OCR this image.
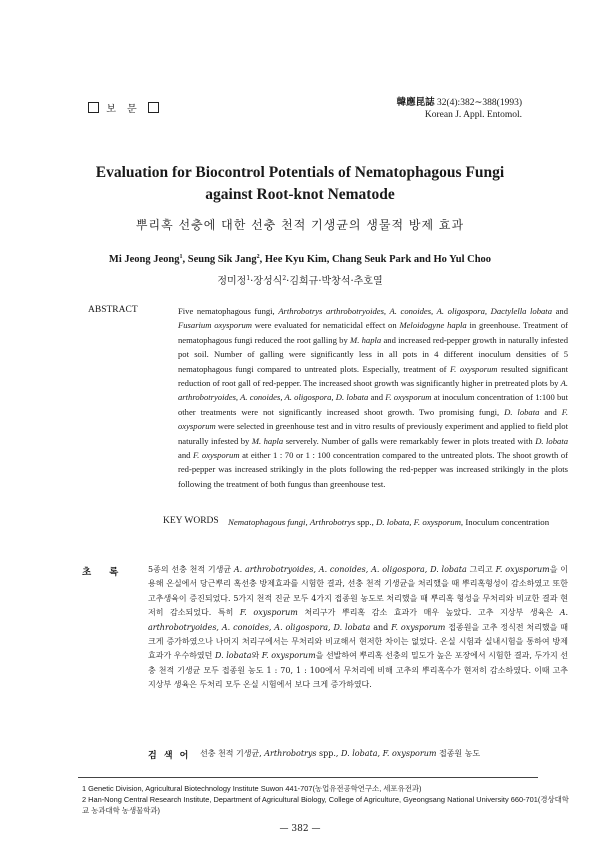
보 문
韓應昆誌 32(4):382∼388(1993)
Korean J. Appl. Entomol.
Evaluation for Biocontrol Potentials of Nematophagous Fungi
against Root-knot Nematode
뿌리혹 선충에 대한 선충 천적 기생균의 생물적 방제 효과
Mi Jeong Jeong$^1$, Seung Sik Jang$^2$, Hee Kyu Kim, Chang Seuk Park and Ho Yul Choo
정미정$^1$·장성식$^2$·김희규·박창석·추호열
ABSTRACT	Five nematophagous fungi, Arthrobotrys arthrobotryoides, A. conoides, A. oligospora, Dactylella lobata and Fusarium oxysporum were evaluated for nematicidal effect on Meloidogyne hapla in greenhouse. Treatment of nematophagous fungi reduced the root galling by M. hapla and increased red-pepper growth in naturally infested pot soil. Number of galling were significantly less in all pots in 4 different inoculum densities of 5 nematophagous fungi compared to untreated plots. Especially, treatment of F. oxysporum resulted significant reduction of root gall of red-pepper. The increased shoot growth was significantly higher in pretreated plots by A. arthrobotryoides, A. conoides, A. oligospora, D. lobata and F. oxysporum at inoculum concentration of 1:100 but other treatments were not significantly increased shoot growth. Two promising fungi, D. lobata and F. oxysporum were selected in greenhouse test and in vitro results of previously experiment and applied to field plot naturally infested by M. hapla serverely. Number of galls were remarkably fewer in plots treated with D. lobata and F. oxysporum at either 1 : 70 or 1 : 100 concentration compared to the untreated plots. The shoot growth of red-pepper was increased strikingly in the plots following the red-pepper was increased strikingly in the plots following the treatment of both fungus than greenhouse test.
KEY WORDS Nematophagous fungi, Arthrobotrys spp., D. lobata, F. oxysporum, Inoculum concentration
초록 5종의 선충 천적 기생균 A. arthrobotryoides, A. conoides, A. oligospora, D. lobata 그리고 F. oxysporum을 이용해 온실에서 당근뿌리 혹선충 방제효과를 시험한 결과, 선충 천적 기생균을 처리했을 때 뿌리혹형성이 감소하였고 또한 고추생육이 증진되었다. 5가지 천적 진균 모두 4가지 접종원 농도로 처리했을 때 뿌리혹 형성을 무처리와 비교한 결과 현저히 감소되었다. 특히 F. oxysporum 처리구가 뿌리혹 감소 효과가 매우 높았다. 고추 지상부 생육은 A. arthrobotryoides, A. conoides, A. oligospora, D. lobata and F. oxysporum 접종원을 고추 정식전 처리했을 때 크게 증가하였으나 나머지 처리구에서는 무처리와 비교해서 현저한 차이는 없었다. 온실 시험과 실내시험을 통하여 방제 효과가 우수하였던 D. lobata와 F. oxysporum을 선발하여 뿌리혹 선충의 밀도가 높은 포장에서 시험한 결과, 두가지 선충 천적 기생균 모두 접종원 농도 1 : 70, 1 : 100에서 무처리에 비해 고추의 뿌리혹수가 현저히 감소하였다. 이때 고추 지상부 생육은 두처리 모두 온실 시험에서 보다 크게 증가하였다.
검 색 어 선충 천적 기생균, Arthrobotrys spp., D. lobata, F. oxysporum 접종원 농도
1 Genetic Division, Agricultural Biotechnology Institute Suwon 441-707(농업유전공학연구소, 세포유전과)
2 Han-Nong Central Research Institute, Department of Agricultural Biology, College of Agriculture, Gyeongsang National University 660-701(경상대학교 농과대학 농생물학과)
— 382 —
